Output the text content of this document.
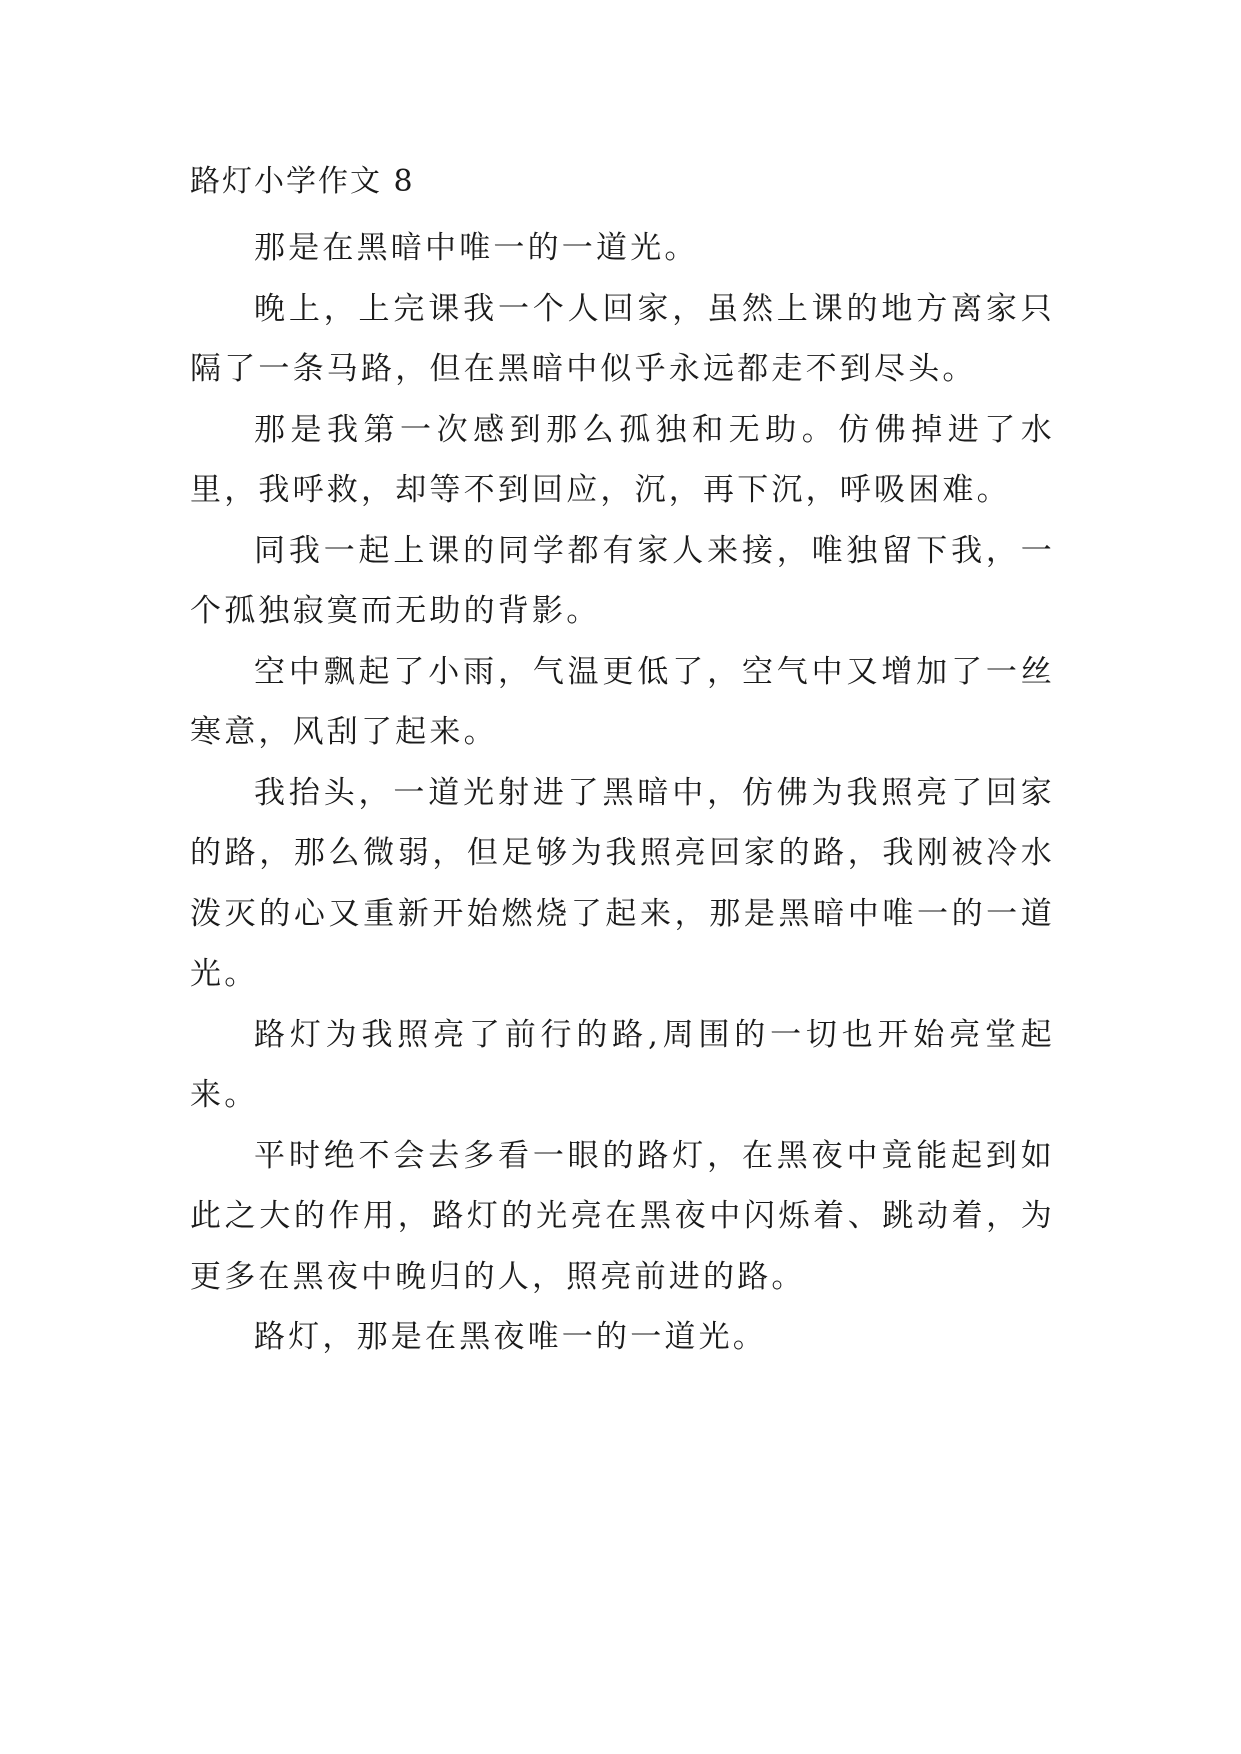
路灯小学作文 8

那是在黑暗中唯一的一道光。

晚上，上完课我一个人回家，虽然上课的地方离家只隔了一条马路，但在黑暗中似乎永远都走不到尽头。

那是我第一次感到那么孤独和无助。仿佛掉进了水里，我呼救，却等不到回应，沉，再下沉，呼吸困难。

同我一起上课的同学都有家人来接，唯独留下我，一个孤独寂寞而无助的背影。

空中飘起了小雨，气温更低了，空气中又增加了一丝寒意，风刮了起来。

我抬头，一道光射进了黑暗中，仿佛为我照亮了回家的路，那么微弱，但足够为我照亮回家的路，我刚被冷水泼灭的心又重新开始燃烧了起来，那是黑暗中唯一的一道光。

路灯为我照亮了前行的路,周围的一切也开始亮堂起来。

平时绝不会去多看一眼的路灯，在黑夜中竟能起到如此之大的作用，路灯的光亮在黑夜中闪烁着、跳动着，为更多在黑夜中晚归的人，照亮前进的路。

路灯，那是在黑夜唯一的一道光。
